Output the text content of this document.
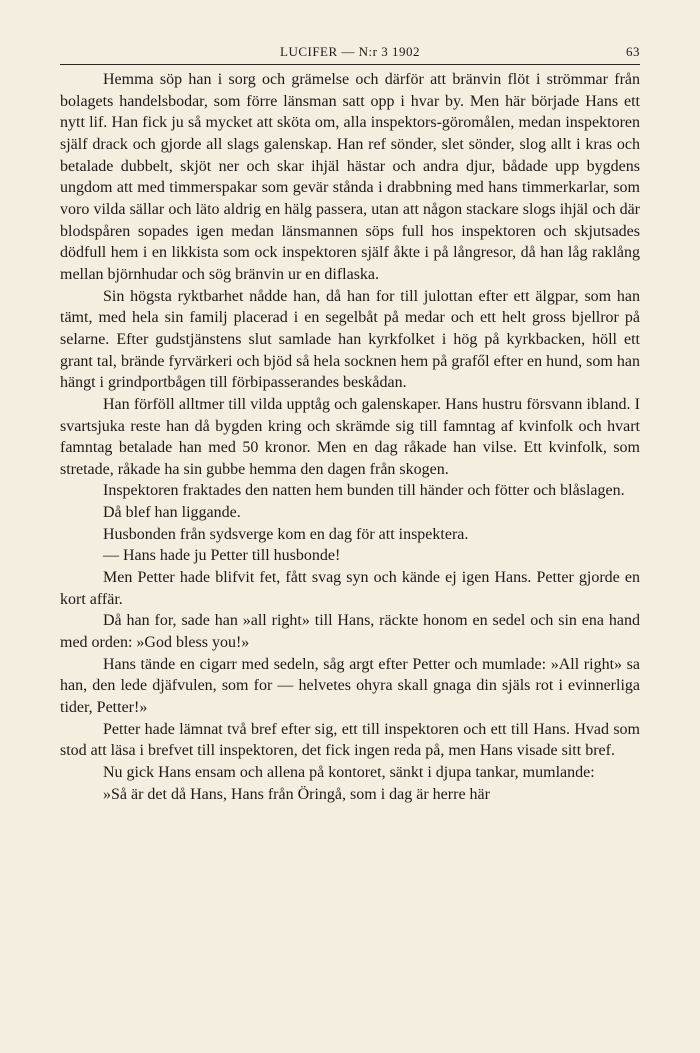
LUCIFER — N:r 3 1902	63

Hemma söp han i sorg och grämelse och därför att bränvin flöt i strömmar från bolagets handelsbodar, som förre länsman satt opp i hvar by. Men här började Hans ett nytt lif. Han fick ju så mycket att sköta om, alla inspektors-göromålen, medan inspektoren själf drack och gjorde all slags galenskap. Han ref sönder, slet sönder, slog allt i kras och betalade dubbelt, skjöt ner och skar ihjäl hästar och andra djur, bådade upp bygdens ungdom att med timmerspakar som gevär stånda i drabbning med hans timmerkarlar, som voro vilda sällar och läto aldrig en hälg passera, utan att någon stackare slogs ihjäl och där blodspåren sopades igen medan länsmannen söps full hos inspektoren och skjutsades dödfull hem i en likkista som ock inspektoren själf åkte i på långresor, då han låg raklång mellan björnhudar och sög bränvin ur en diflaska.

Sin högsta ryktbarhet nådde han, då han for till julottan efter ett älgpar, som han tämt, med hela sin familj placerad i en segelbåt på medar och ett helt gross bjellror på selarne. Efter gudstjänstens slut samlade han kyrkfolket i hög på kyrkbacken, höll ett grant tal, brände fyrvärkeri och bjöd så hela socknen hem på grafől efter en hund, som han hängt i grindportbågen till förbipasserandes beskådan.

Han förföll alltmer till vilda upptåg och galenskaper. Hans hustru försvann ibland. I svartsjuka reste han då bygden kring och skrämde sig till famntag af kvinfolk och hvart famntag betalade han med 50 kronor. Men en dag råkade han vilse. Ett kvinfolk, som stretade, råkade ha sin gubbe hemma den dagen från skogen.

Inspektoren fraktades den natten hem bunden till händer och fötter och blåslagen.

Då blef han liggande.

Husbonden från sydsverge kom en dag för att inspektera.

— Hans hade ju Petter till husbonde!

Men Petter hade blifvit fet, fått svag syn och kände ej igen Hans. Petter gjorde en kort affär.

Då han for, sade han »all right» till Hans, räckte honom en sedel och sin ena hand med orden: »God bless you!»

Hans tände en cigarr med sedeln, såg argt efter Petter och mumlade: »All right» sa han, den lede djäfvulen, som for — helvetes ohyra skall gnaga din själs rot i evinnerliga tider, Petter!»

Petter hade lämnat två bref efter sig, ett till inspektoren och ett till Hans. Hvad som stod att läsa i brefvet till inspektoren, det fick ingen reda på, men Hans visade sitt bref.

Nu gick Hans ensam och allena på kontoret, sänkt i djupa tankar, mumlande:

»Så är det då Hans, Hans från Öringå, som i dag är herre här
